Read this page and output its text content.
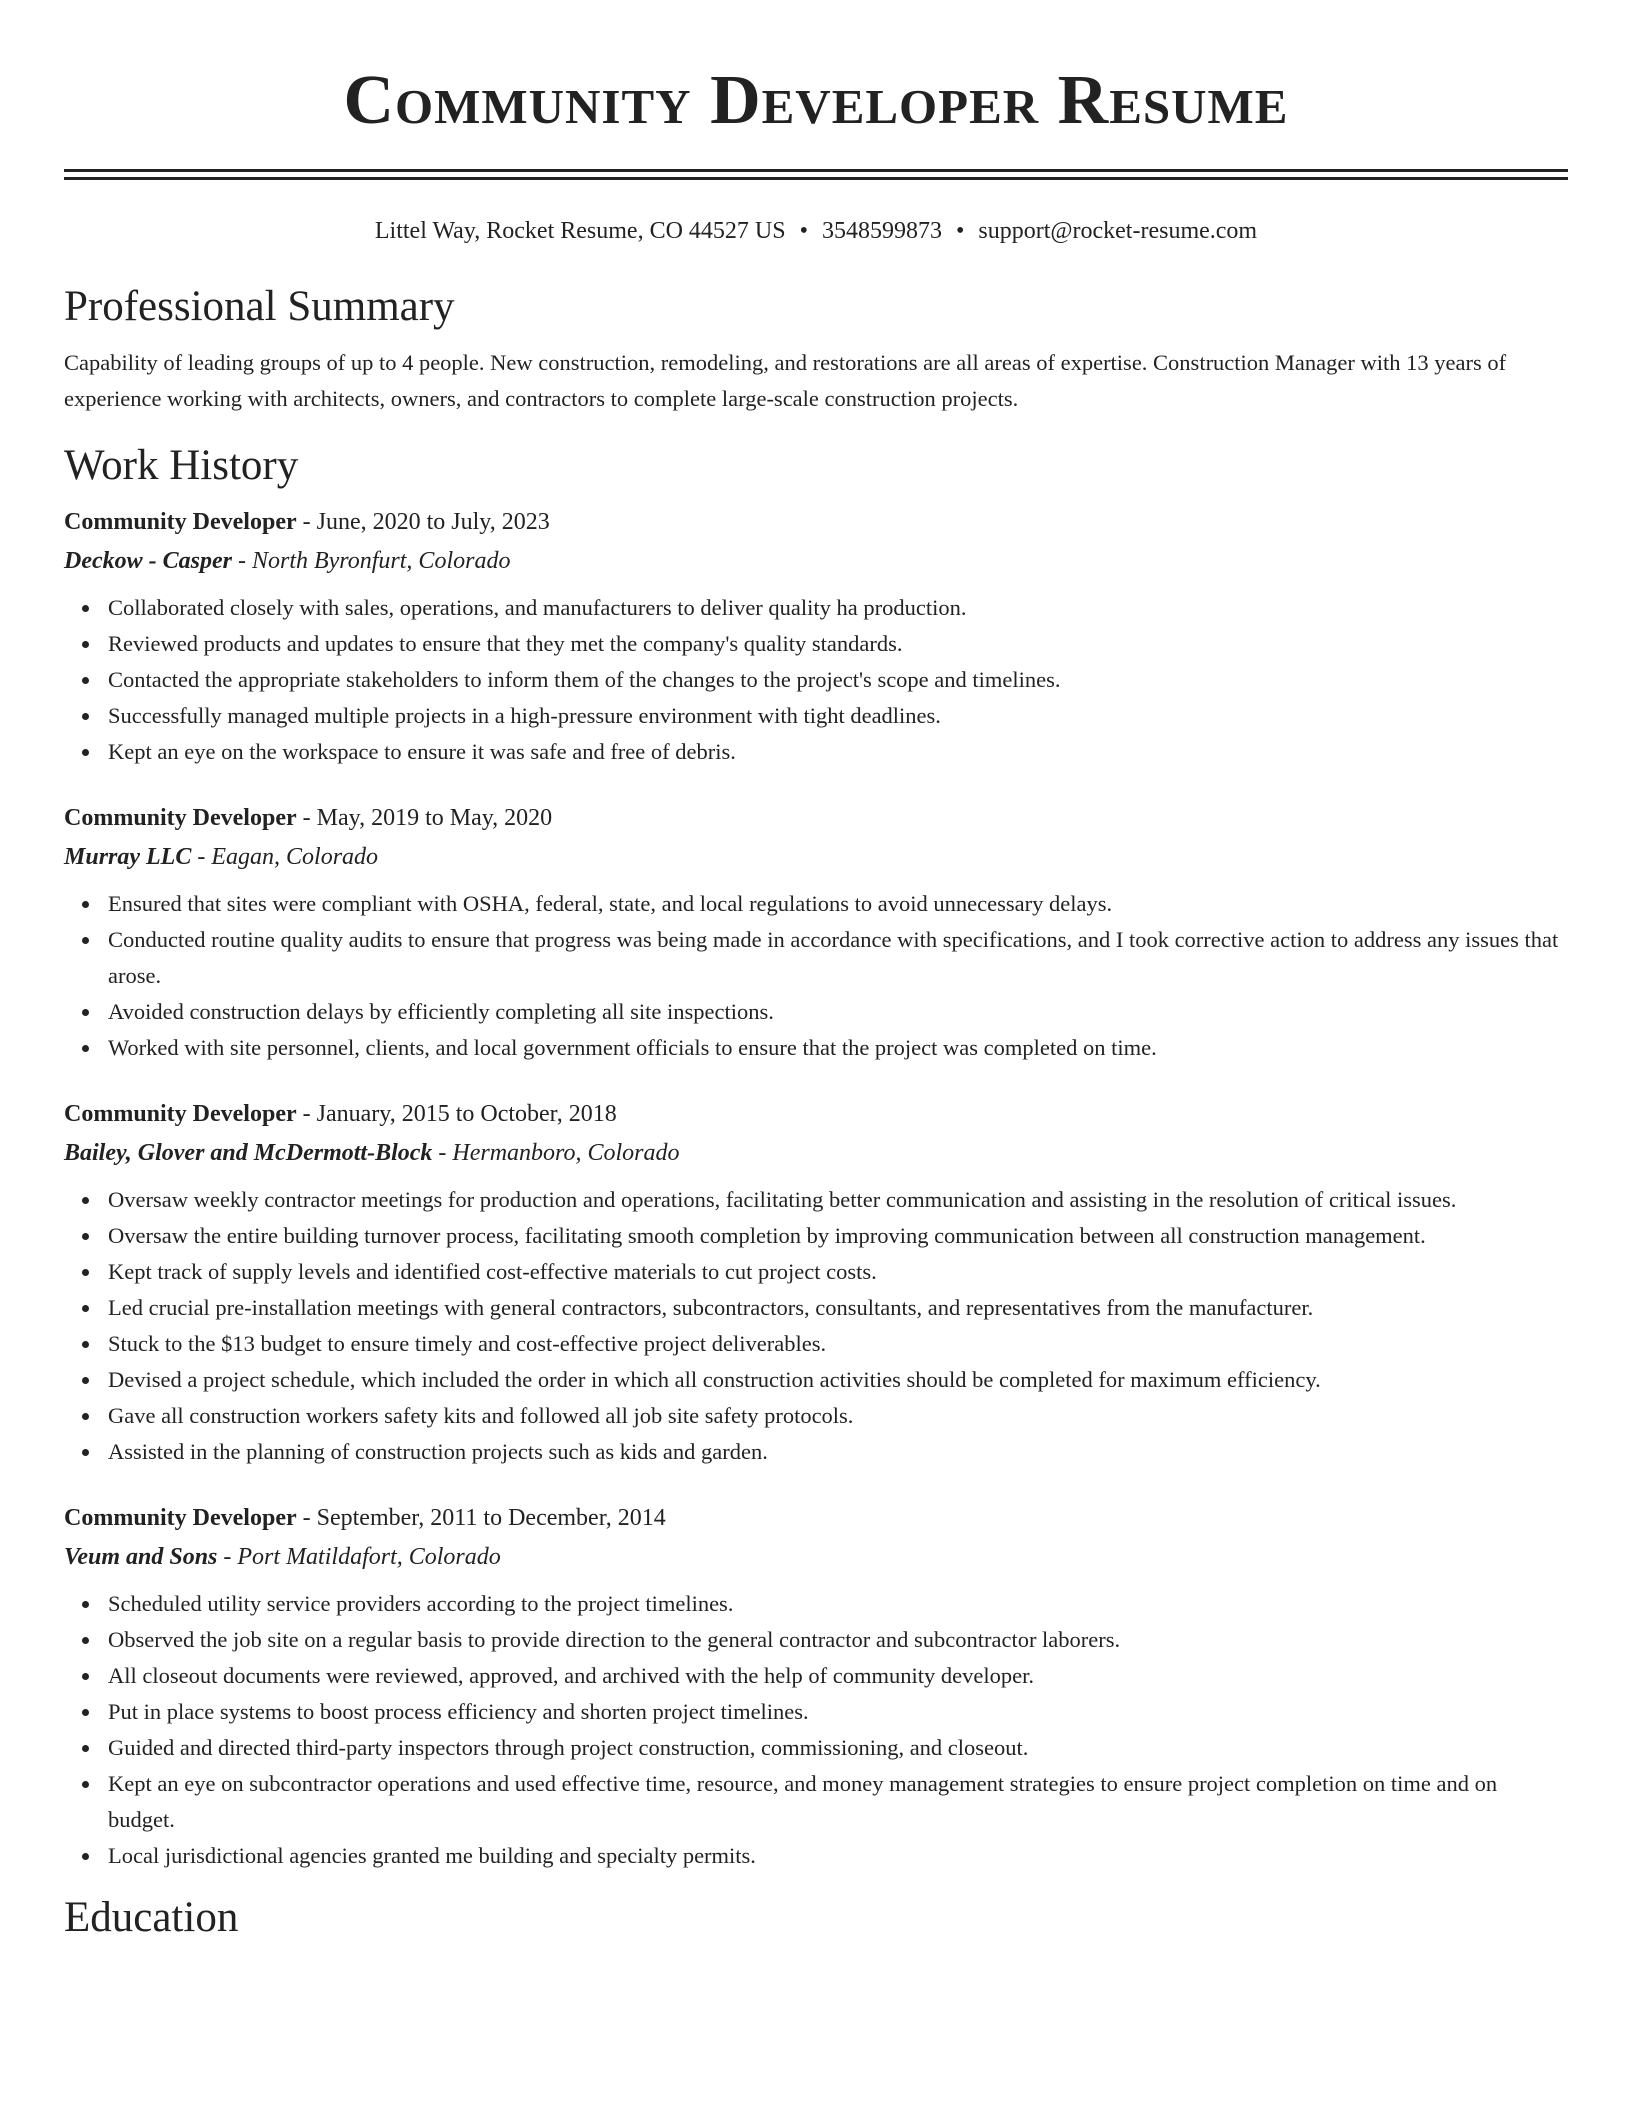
Community Developer Resume
Littel Way, Rocket Resume, CO 44527 US • 3548599873 • support@rocket-resume.com
Professional Summary

Capability of leading groups of up to 4 people. New construction, remodeling, and restorations are all areas of expertise. Construction Manager with 13 years of experience working with architects, owners, and contractors to complete large-scale construction projects.

Work History
Community Developer - June, 2020 to July, 2023
Deckow - Casper - North Byronfurt, Colorado
Collaborated closely with sales, operations, and manufacturers to deliver quality ha production.
Reviewed products and updates to ensure that they met the company's quality standards.
Contacted the appropriate stakeholders to inform them of the changes to the project's scope and timelines.
Successfully managed multiple projects in a high-pressure environment with tight deadlines.
Kept an eye on the workspace to ensure it was safe and free of debris.
Community Developer - May, 2019 to May, 2020
Murray LLC - Eagan, Colorado
Ensured that sites were compliant with OSHA, federal, state, and local regulations to avoid unnecessary delays.
Conducted routine quality audits to ensure that progress was being made in accordance with specifications, and I took corrective action to address any issues that arose.
Avoided construction delays by efficiently completing all site inspections.
Worked with site personnel, clients, and local government officials to ensure that the project was completed on time.
Community Developer - January, 2015 to October, 2018
Bailey, Glover and McDermott-Block - Hermanboro, Colorado
Oversaw weekly contractor meetings for production and operations, facilitating better communication and assisting in the resolution of critical issues.
Oversaw the entire building turnover process, facilitating smooth completion by improving communication between all construction management.
Kept track of supply levels and identified cost-effective materials to cut project costs.
Led crucial pre-installation meetings with general contractors, subcontractors, consultants, and representatives from the manufacturer.
Stuck to the $13 budget to ensure timely and cost-effective project deliverables.
Devised a project schedule, which included the order in which all construction activities should be completed for maximum efficiency.
Gave all construction workers safety kits and followed all job site safety protocols.
Assisted in the planning of construction projects such as kids and garden.
Community Developer - September, 2011 to December, 2014
Veum and Sons - Port Matildafort, Colorado
Scheduled utility service providers according to the project timelines.
Observed the job site on a regular basis to provide direction to the general contractor and subcontractor laborers.
All closeout documents were reviewed, approved, and archived with the help of community developer.
Put in place systems to boost process efficiency and shorten project timelines.
Guided and directed third-party inspectors through project construction, commissioning, and closeout.
Kept an eye on subcontractor operations and used effective time, resource, and money management strategies to ensure project completion on time and on budget.
Local jurisdictional agencies granted me building and specialty permits.
Education
